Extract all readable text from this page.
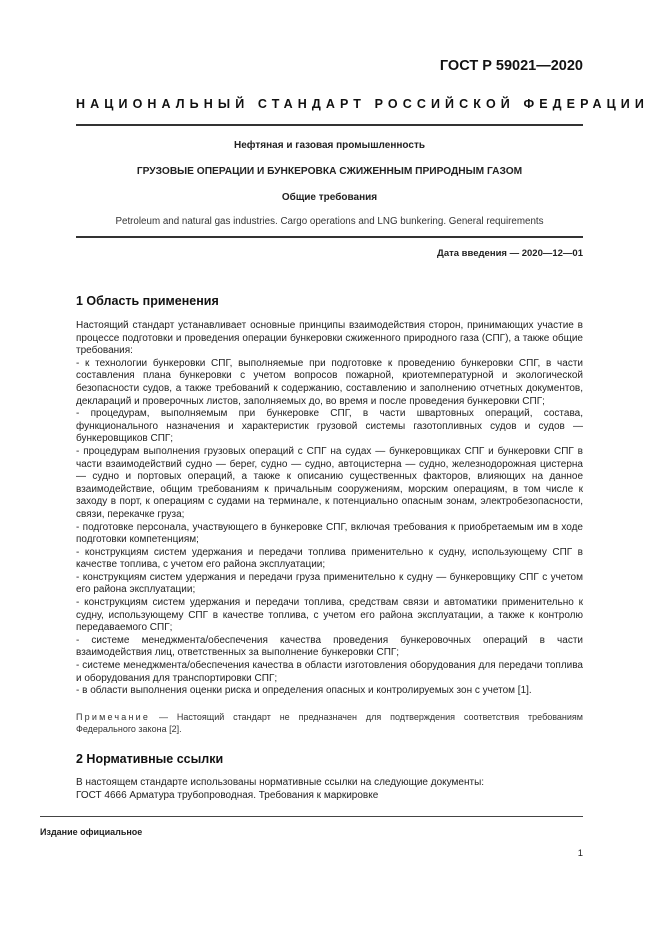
ГОСТ Р 59021—2020
НАЦИОНАЛЬНЫЙ СТАНДАРТ РОССИЙСКОЙ ФЕДЕРАЦИИ
Нефтяная и газовая промышленность
ГРУЗОВЫЕ ОПЕРАЦИИ И БУНКЕРОВКА СЖИЖЕННЫМ ПРИРОДНЫМ ГАЗОМ
Общие требования
Petroleum and natural gas industries. Cargo operations and LNG bunkering. General requirements
Дата введения — 2020—12—01
1 Область применения

Настоящий стандарт устанавливает основные принципы взаимодействия сторон, принимающих участие в процессе подготовки и проведения операции бункеровки сжиженного природного газа (СПГ), а также общие требования:

- к технологии бункеровки СПГ, выполняемые при подготовке к проведению бункеровки СПГ, в части составления плана бункеровки с учетом вопросов пожарной, криотемпературной и экологической безопасности судов, а также требований к содержанию, составлению и заполнению отчетных документов, деклараций и проверочных листов, заполняемых до, во время и после проведения бункеровки СПГ;

- процедурам, выполняемым при бункеровке СПГ, в части швартовных операций, состава, функционального назначения и характеристик грузовой системы газотопливных судов и судов — бункеровщиков СПГ;

- процедурам выполнения грузовых операций с СПГ на судах — бункеровщиках СПГ и бункеровки СПГ в части взаимодействий судно — берег, судно — судно, автоцистерна — судно, железнодорожная цистерна — судно и портовых операций, а также к описанию существенных факторов, влияющих на данное взаимодействие, общим требованиям к причальным сооружениям, морским операциям, в том числе к заходу в порт, к операциям с судами на терминале, к потенциально опасным зонам, электробезопасности, связи, перекачке груза;

- подготовке персонала, участвующего в бункеровке СПГ, включая требования к приобретаемым им в ходе подготовки компетенциям;

- конструкциям систем удержания и передачи топлива применительно к судну, использующему СПГ в качестве топлива, с учетом его района эксплуатации;

- конструкциям систем удержания и передачи груза применительно к судну — бункеровщику СПГ с учетом его района эксплуатации;

- конструкциям систем удержания и передачи топлива, средствам связи и автоматики применительно к судну, использующему СПГ в качестве топлива, с учетом его района эксплуатации, а также к контролю передаваемого СПГ;

- системе менеджмента/обеспечения качества проведения бункеровочных операций в части взаимодействия лиц, ответственных за выполнение бункеровки СПГ;

- системе менеджмента/обеспечения качества в области изготовления оборудования для передачи топлива и оборудования для транспортировки СПГ;

- в области выполнения оценки риска и определения опасных и контролируемых зон с учетом [1].

Примечание — Настоящий стандарт не предназначен для подтверждения соответствия требованиям Федерального закона [2].
2 Нормативные ссылки

В настоящем стандарте использованы нормативные ссылки на следующие документы:

ГОСТ 4666 Арматура трубопроводная. Требования к маркировке

Издание официальное
1
